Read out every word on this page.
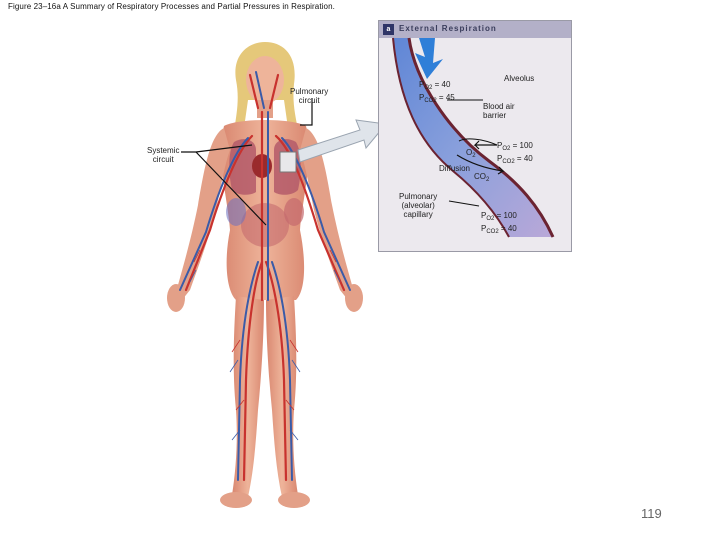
Figure 23–16a A Summary of Respiratory Processes and Partial Pressures in Respiration.
Pulmonary
circuit
Systemic
circuit
a	External Respiration
$P_{O2} = 40$
$P_{CO2} = 45$
Alveolus
Blood air
barrier
$P_{O2} = 100$
$P_{CO2} = 40$
$O_2$
Diffusion
$CO_2$
Pulmonary
(alveolar)
capillary	$P_{O2} = 100$
$P_{CO2} = 40$
119
